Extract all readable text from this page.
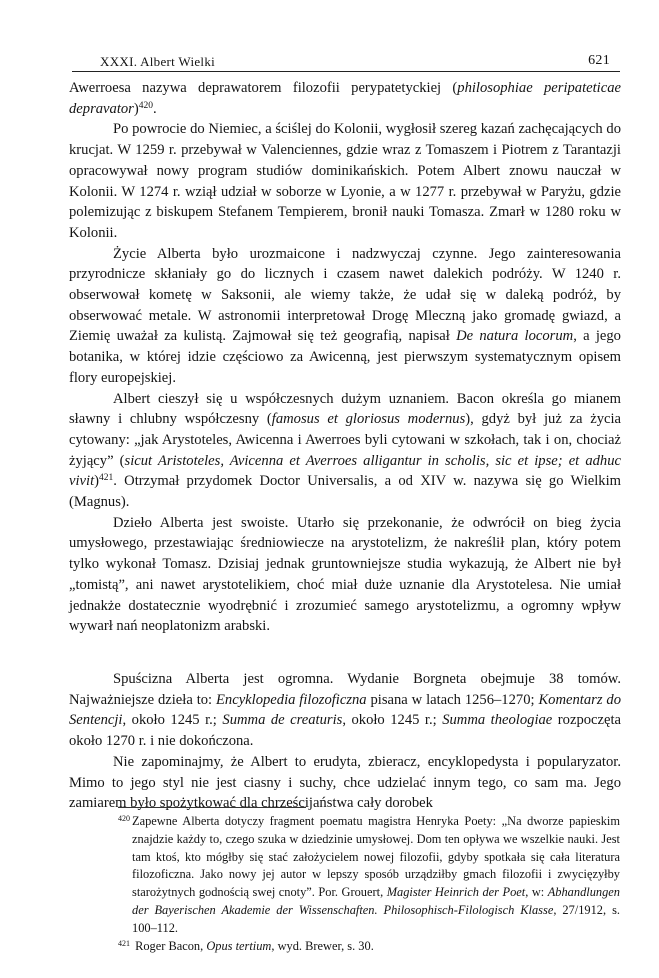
XXXI. Albert Wielki	621

Awerroesa nazywa deprawatorem filozofii perypatetyckiej (philosophiae peripateticae depravator)$^{420}$.

Po powrocie do Niemiec, a ściślej do Kolonii, wygłosił szereg kazań zachęcających do krucjat. W 1259 r. przebywał w Valenciennes, gdzie wraz z Tomaszem i Piotrem z Tarantazji opracowywał nowy program studiów dominikańskich. Potem Albert znowu nauczał w Kolonii. W 1274 r. wziął udział w soborze w Lyonie, a w 1277 r. przebywał w Paryżu, gdzie polemizując z biskupem Stefanem Tempierem, bronił nauki Tomasza. Zmarł w 1280 roku w Kolonii.

Życie Alberta było urozmaicone i nadzwyczaj czynne. Jego zainteresowania przyrodnicze skłaniały go do licznych i czasem nawet dalekich podróży. W 1240 r. obserwował kometę w Saksonii, ale wiemy także, że udał się w daleką podróż, by obserwować metale. W astronomii interpretował Drogę Mleczną jako gromadę gwiazd, a Ziemię uważał za kulistą. Zajmował się też geografią, napisał De natura locorum, a jego botanika, w której idzie częściowo za Awicenną, jest pierwszym systematycznym opisem flory europejskiej.

Albert cieszył się u współczesnych dużym uznaniem. Bacon określa go mianem sławny i chlubny współczesny (famosus et gloriosus modernus), gdyż był już za życia cytowany: „jak Arystoteles, Awicenna i Awerroes byli cytowani w szkołach, tak i on, chociaż żyjący” (sicut Aristoteles, Avicenna et Averroes alligantur in scholis, sic et ipse; et adhuc vivit)$^{421}$. Otrzymał przydomek Doctor Universalis, a od XIV w. nazywa się go Wielkim (Magnus).

Dzieło Alberta jest swoiste. Utarło się przekonanie, że odwrócił on bieg życia umysłowego, przestawiając średniowiecze na arystotelizm, że nakreślił plan, który potem tylko wykonał Tomasz. Dzisiaj jednak gruntowniejsze studia wykazują, że Albert nie był „tomistą”, ani nawet arystotelikiem, choć miał duże uznanie dla Arystotelesa. Nie umiał jednakże dostatecznie wyodrębnić i zrozumieć samego arystotelizmu, a ogromny wpływ wywarł nań neoplatonizm arabski.

Spuścizna Alberta jest ogromna. Wydanie Borgneta obejmuje 38 tomów. Najważniejsze dzieła to: Encyklopedia filozoficzna pisana w latach 1256–1270; Komentarz do Sentencji, około 1245 r.; Summa de creaturis, około 1245 r.; Summa theologiae rozpoczęta około 1270 r. i nie dokończona.

Nie zapominajmy, że Albert to erudyta, zbieracz, encyklopedysta i popularyzator. Mimo to jego styl nie jest ciasny i suchy, chce udzielać innym tego, co sam ma. Jego zamiarem było spożytkować dla chrześcijaństwa cały dorobek

$^{420}$ Zapewne Alberta dotyczy fragment poematu magistra Henryka Poety: „Na dworze papieskim znajdzie każdy to, czego szuka w dziedzinie umysłowej. Dom ten opływa we wszelkie nauki. Jest tam ktoś, kto mógłby się stać założycielem nowej filozofii, gdyby spotkała się cała literatura filozoficzna. Jako nowy jej autor w lepszy sposób urządziłby gmach filozofii i zwycięzyłby starożytnych godnością swej cnoty”. Por. Grouert, Magister Heinrich der Poet, w: Abhandlungen der Bayerischen Akademie der Wissenschaften. Philosophisch-Filologisch Klasse, 27/1912, s. 100–112.

$^{421}$ Roger Bacon, Opus tertium, wyd. Brewer, s. 30.
